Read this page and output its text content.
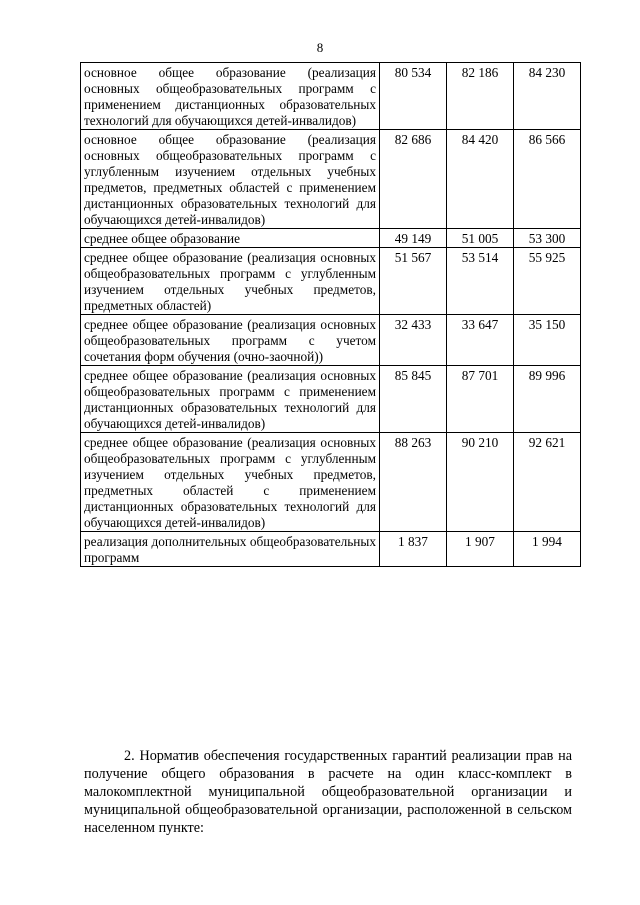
8
основное общее образование (реализация основных общеобразовательных программ с применением дистанционных образовательных технологий для обучающихся детей-инвалидов)	80 534	82 186	84 230
основное общее образование (реализация основных общеобразовательных программ с углубленным изучением отдельных учебных предметов, предметных областей с применением дистанционных образовательных технологий для обучающихся детей-инвалидов)	82 686	84 420	86 566
среднее общее образование	49 149	51 005	53 300
среднее общее образование (реализация основных общеобразовательных программ с углубленным изучением отдельных учебных предметов, предметных областей)	51 567	53 514	55 925
среднее общее образование (реализация основных общеобразовательных программ с учетом сочетания форм обучения (очно-заочной))	32 433	33 647	35 150
среднее общее образование (реализация основных общеобразовательных программ с применением дистанционных образовательных технологий для обучающихся детей-инвалидов)	85 845	87 701	89 996
среднее общее образование (реализация основных общеобразовательных программ с углубленным изучением отдельных учебных предметов, предметных областей с применением дистанционных образовательных технологий для обучающихся детей-инвалидов)	88 263	90 210	92 621
реализация дополнительных общеобразовательных программ	1 837	1 907	1 994

2. Норматив обеспечения государственных гарантий реализации прав на получение общего образования в расчете на один класс-комплект в малокомплектной муниципальной общеобразовательной организации и муниципальной общеобразовательной организации, расположенной в сельском населенном пункте:
